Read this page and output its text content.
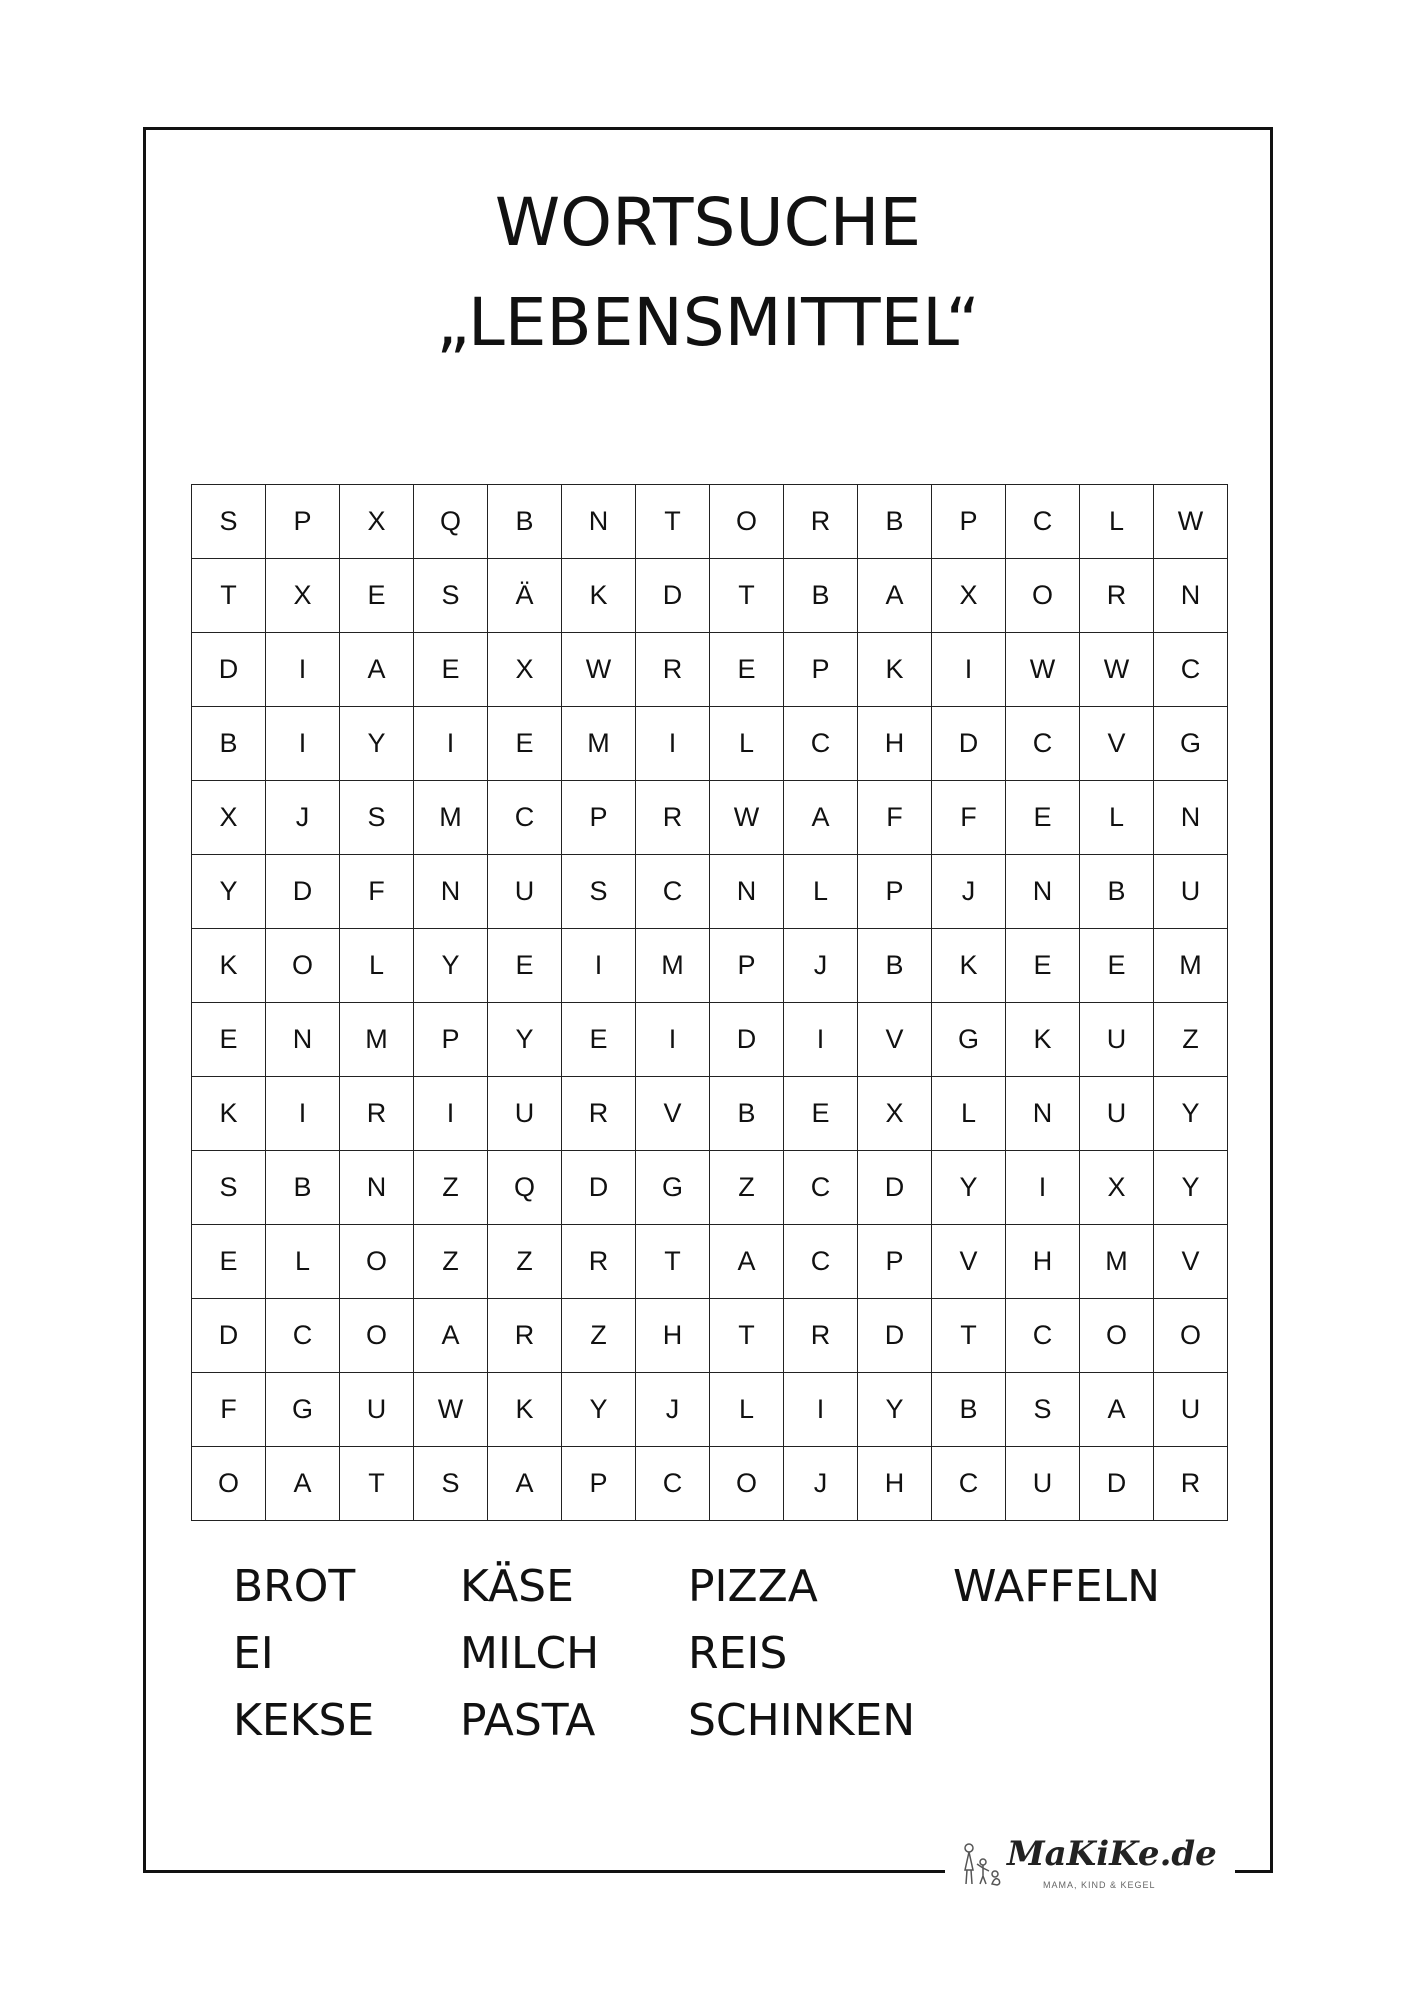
WORTSUCHE
„LEBENSMITTEL“
S	P	X	Q	B	N	T	O	R	B	P	C	L	W
T	X	E	S	Ä	K	D	T	B	A	X	O	R	N
D	I	A	E	X	W	R	E	P	K	I	W	W	C
B	I	Y	I	E	M	I	L	C	H	D	C	V	G
X	J	S	M	C	P	R	W	A	F	F	E	L	N
Y	D	F	N	U	S	C	N	L	P	J	N	B	U
K	O	L	Y	E	I	M	P	J	B	K	E	E	M
E	N	M	P	Y	E	I	D	I	V	G	K	U	Z
K	I	R	I	U	R	V	B	E	X	L	N	U	Y
S	B	N	Z	Q	D	G	Z	C	D	Y	I	X	Y
E	L	O	Z	Z	R	T	A	C	P	V	H	M	V
D	C	O	A	R	Z	H	T	R	D	T	C	O	O
F	G	U	W	K	Y	J	L	I	Y	B	S	A	U
O	A	T	S	A	P	C	O	J	H	C	U	D	R
BROT
EI
KEKSE
KÄSE
MILCH
PASTA
PIZZA
REIS
SCHINKEN
WAFFELN
MaKiKe.de
MAMA, KIND & KEGEL
